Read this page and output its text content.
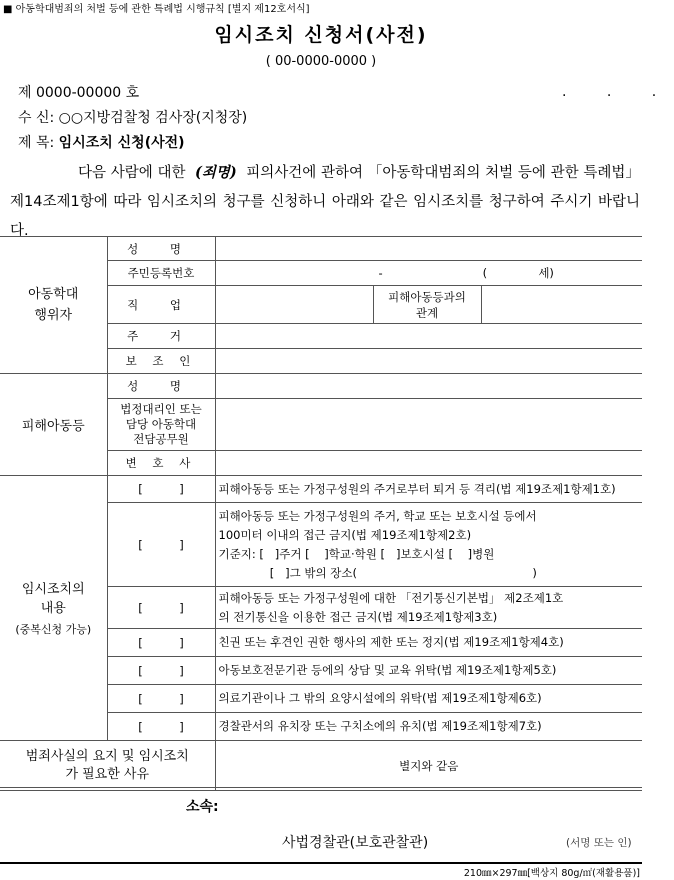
■ 아동학대범죄의 처벌 등에 관한 특례법 시행규칙 [별지 제12호서식]
임시조치 신청서(사전)
( 00-0000-0000 )
제 0000-00000 호	. . .
수 신: ○○지방검찰청 검사장(지청장)
제 목: 임시조치 신청(사전)
다음 사람에 대한 (죄명) 피의사건에 관하여 「아동학대범죄의 처벌 등에 관한 특례법」 제14조제1항에 따라 임시조치의 청구를 신청하니 아래와 같은 임시조치를 청구하여 주시기 바랍니다.
아동학대
행위자	성 명			
	주민등록번호	- (              세)		
	직 업		피해아동등과의
관계	
	주 거			
	보 조 인			
피해아동등	성 명			
	법정대리인 또는
담당 아동학대
전담공무원			
	변 호 사			

임시조치의
내용
(중복신청 가능)	[          ]	피해아동등 또는 가정구성원의 주거로부터 퇴거 등 격리(법 제19조제1항제1호)		
	[          ]	피해아동등 또는 가정구성원의 주거, 학교 또는 보호시설 등에서
100미터 이내의 접근 금지(법 제19조제1항제2호)
기준지: [   ]주거 [    ]학교·학원 [   ]보호시설 [    ]병원
[   ]그 밖의 장소(                                                )		
	[          ]	피해아동등 또는 가정구성원에 대한 「전기통신기본법」 제2조제1호
의 전기통신을 이용한 접근 금지(법 제19조제1항제3호)		
	[          ]	친권 또는 후견인 권한 행사의 제한 또는 정지(법 제19조제1항제4호)		
	[          ]	아동보호전문기관 등에의 상담 및 교육 위탁(법 제19조제1항제5호)		
	[          ]	의료기관이나 그 밖의 요양시설에의 위탁(법 제19조제1항제6호)		
	[          ]	경찰관서의 유치장 또는 구치소에의 유치(법 제19조제1항제7호)		
범죄사실의 요지 및 임시조치
가 필요한 사유		별지와 같음		
소속:
사법경찰관(보호관찰관)	(서명 또는 인)
210㎜×297㎜[백상지 80g/㎡(재활용품)]
